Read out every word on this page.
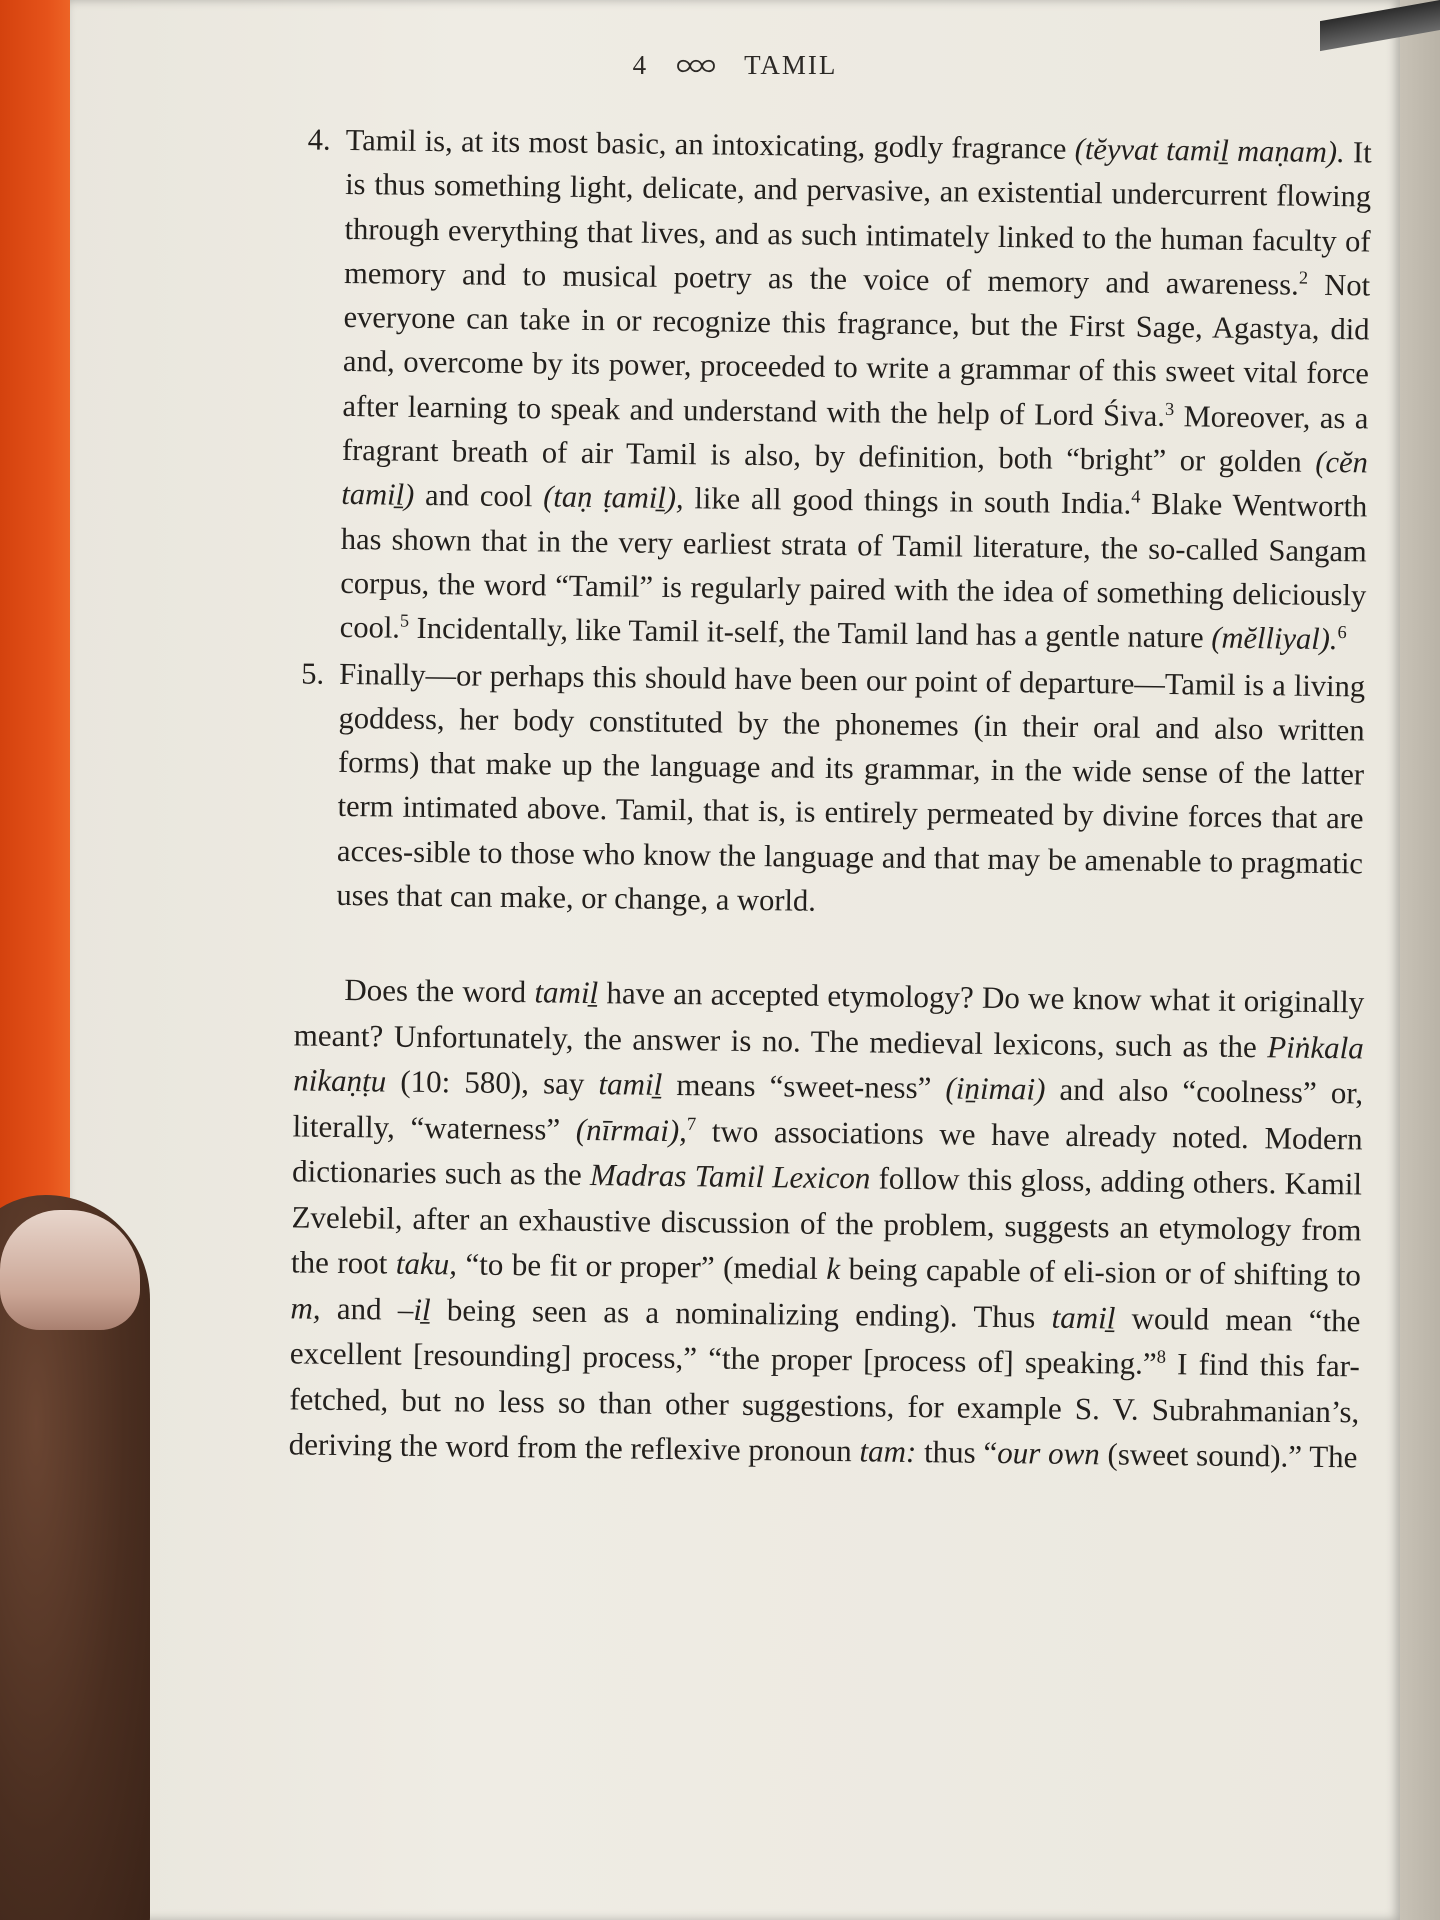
4	TAMIL
4. Tamil is, at its most basic, an intoxicating, godly fragrance (tĕyvat tamiḻ maṇam). It is thus something light, delicate, and pervasive, an existential undercurrent flowing through everything that lives, and as such intimately linked to the human faculty of memory and to musical poetry as the voice of memory and awareness.$^2$ Not everyone can take in or recognize this fragrance, but the First Sage, Agastya, did and, overcome by its power, proceeded to write a grammar of this sweet vital force after learning to speak and understand with the help of Lord Śiva.$^3$ Moreover, as a fragrant breath of air Tamil is also, by definition, both “bright” or golden (cĕn tamiḻ) and cool (taṇ ṭamiḻ), like all good things in south India.$^4$ Blake Wentworth has shown that in the very earliest strata of Tamil literature, the so-called Sangam corpus, the word “Tamil” is regularly paired with the idea of something deliciously cool.$^5$ Incidentally, like Tamil it-self, the Tamil land has a gentle nature (mĕlliyal).$^6$
5. Finally—or perhaps this should have been our point of departure—Tamil is a living goddess, her body constituted by the phonemes (in their oral and also written forms) that make up the language and its grammar, in the wide sense of the latter term intimated above. Tamil, that is, is entirely permeated by divine forces that are acces-sible to those who know the language and that may be amenable to pragmatic uses that can make, or change, a world.

Does the word tamiḻ have an accepted etymology? Do we know what it originally meant? Unfortunately, the answer is no. The medieval lexicons, such as the Piṅkala nikaṇṭu (10: 580), say tamiḻ means “sweet-ness” (iṉimai) and also “coolness” or, literally, “waterness” (nīrmai),$^7$ two associations we have already noted. Modern dictionaries such as the Madras Tamil Lexicon follow this gloss, adding others. Kamil Zvelebil, after an exhaustive discussion of the problem, suggests an etymology from the root taku, “to be fit or proper” (medial k being capable of eli-sion or of shifting to m, and –iḻ being seen as a nominalizing ending). Thus tamiḻ would mean “the excellent [resounding] process,” “the proper [process of] speaking.”$^8$ I find this far-fetched, but no less so than other suggestions, for example S. V. Subrahmanian’s, deriving the word from the reflexive pronoun tam: thus “our own (sweet sound).” The
